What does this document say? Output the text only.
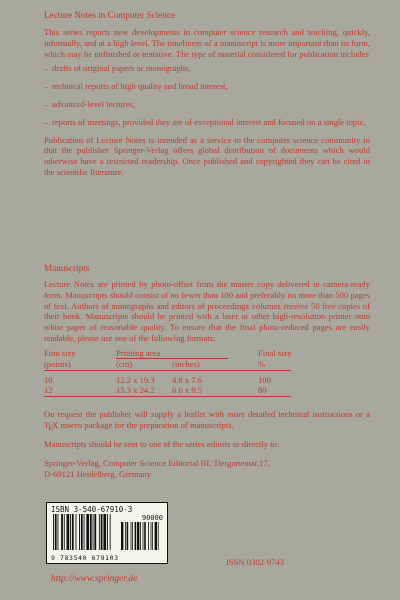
Lecture Notes in Computer Science

This series reports new developments in computer science research and teaching, quickly, informally, and at a high level. The timeliness of a manuscript is more important than its form, which may be unfinished or tentative. The type of material considered for publication includes

– drafts of original papers or monographs,
– technical reports of high quality and broad interest,
– advanced-level lectures,
– reports of meetings, provided they are of exceptional interest and focused on a single topic.

Publication of Lecture Notes is intended as a service to the computer science community in that the publisher Springer-Verlag offers global distribution of documents which would otherwise have a restricted readership. Once published and copyrighted they can be cited in the scientific literature.

Manuscripts

Lecture Notes are printed by photo-offset from the master copy delivered in camera-ready form. Manuscripts should consist of no fewer than 100 and preferably no more than 500 pages of text. Authors of monographs and editors of proceedings volumes receive 50 free copies of their book. Manuscripts should be printed with a laser or other high-resolution printer onto white paper of reasonable quality. To ensure that the final photo-reduced pages are easily readable, please use one of the following formats:

Font size	Printing area			Final size
(points)	(cm)	(inches)		%

10	12.2 x 19.3	4.8 x 7.6		100
12	15.3 x 24.2	6.0 x 9.5		80

On request the publisher will supply a leaflet with more detailed technical instructions or a TEX macro package for the preparation of manuscripts.

Manuscripts should be sent to one of the series editors or directly to:

Springer-Verlag, Computer Science Editorial III, Tiergartenstr.17,
D-69121 Heidelberg, Germany

ISBN 3-540-67910-3
90000
9 783540 679103	ISSN 0302-9743
http://www.springer.de
